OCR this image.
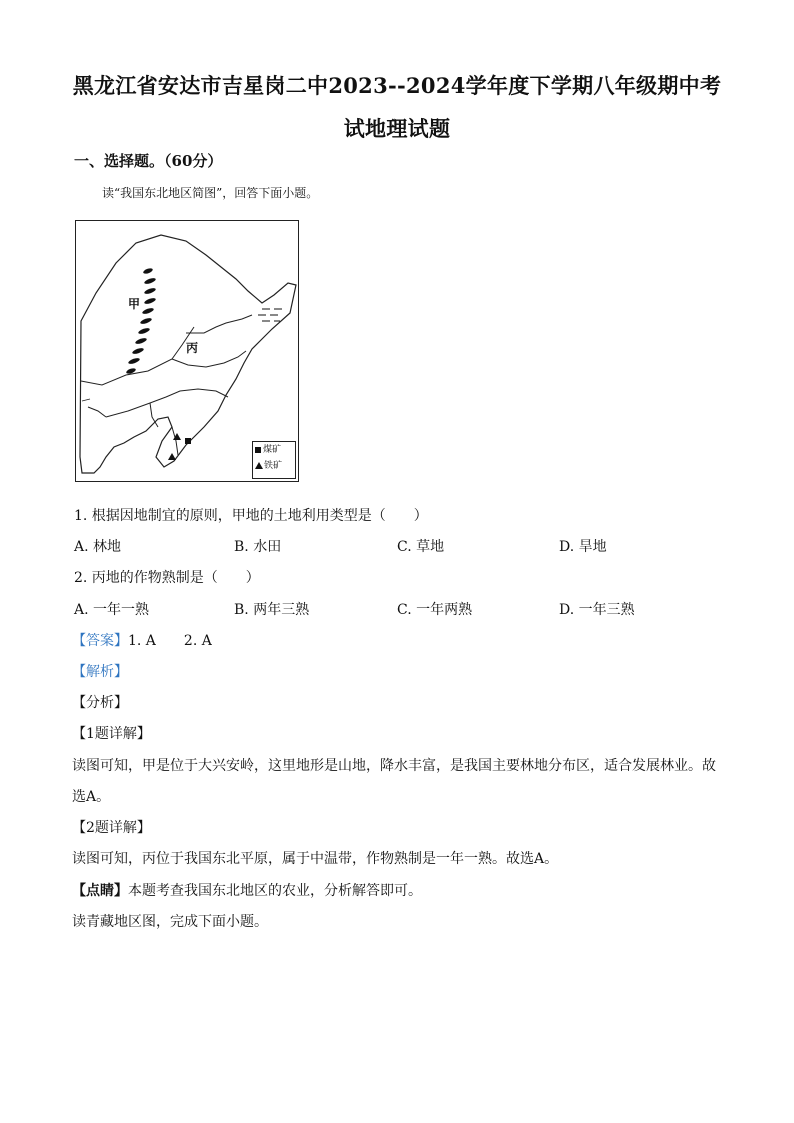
黑龙江省安达市吉星岗二中2023--2024学年度下学期八年级期中考
试地理试题
一、选择题。（60分）
读“我国东北地区简图”，回答下面小题。
甲
丙
煤矿
铁矿
1. 根据因地制宜的原则，甲地的土地利用类型是（　　）
A. 林地	B. 水田	C. 草地	D. 旱地
2. 丙地的作物熟制是（　　）
A. 一年一熟	B. 两年三熟	C. 一年两熟	D. 一年三熟
【答案】1. A　　2. A
【解析】
【分析】
【1题详解】
读图可知，甲是位于大兴安岭，这里地形是山地，降水丰富，是我国主要林地分布区，适合发展林业。故
选A。
【2题详解】
读图可知，丙位于我国东北平原，属于中温带，作物熟制是一年一熟。故选A。
【点睛】本题考查我国东北地区的农业，分析解答即可。
读青藏地区图，完成下面小题。
